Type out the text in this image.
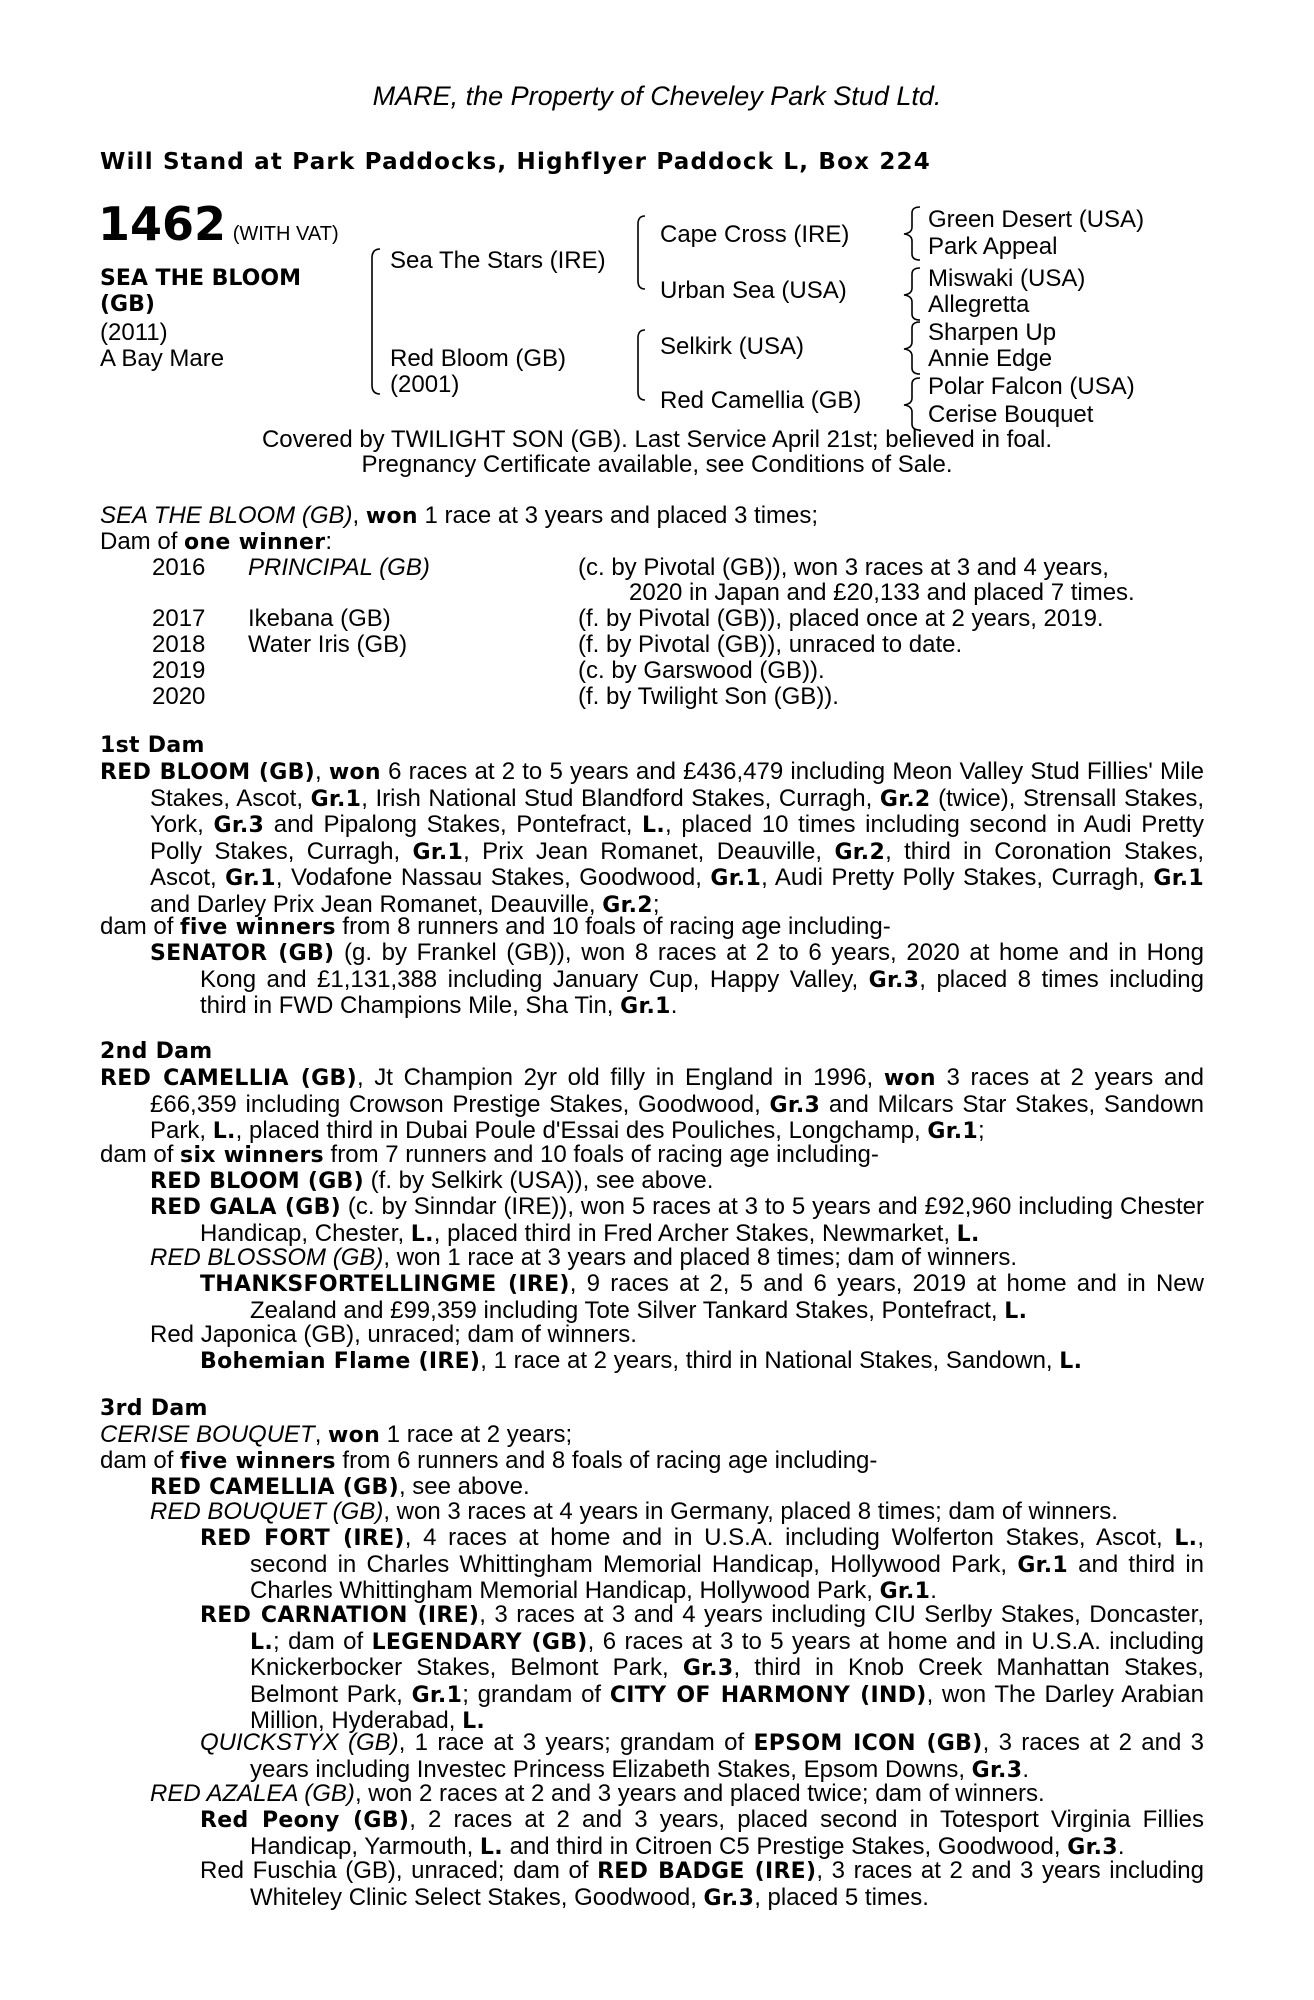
MARE, the Property of Cheveley Park Stud Ltd.
Will Stand at Park Paddocks, Highflyer Paddock L, Box 224
1462 (WITH VAT)
SEA THE BLOOM
(GB)
(2011)
A Bay Mare
Sea The Stars (IRE)
Red Bloom (GB)
(2001)
Cape Cross (IRE)
Urban Sea (USA)
Selkirk (USA)
Red Camellia (GB)
Green Desert (USA)
Park Appeal
Miswaki (USA)
Allegretta
Sharpen Up
Annie Edge
Polar Falcon (USA)
Cerise Bouquet
Covered by TWILIGHT SON (GB). Last Service April 21st; believed in foal.
Pregnancy Certificate available, see Conditions of Sale.
SEA THE BLOOM (GB), won 1 race at 3 years and placed 3 times;
Dam of one winner:
2016 PRINCIPAL (GB)	(c. by Pivotal (GB)), won 3 races at 3 and 4 years,
2020 in Japan and £20,133 and placed 7 times.
2017 Ikebana (GB)	(f. by Pivotal (GB)), placed once at 2 years, 2019.
2018 Water Iris (GB)	(f. by Pivotal (GB)), unraced to date.
2019	(c. by Garswood (GB)).
2020	(f. by Twilight Son (GB)).
1st Dam
RED BLOOM (GB), won 6 races at 2 to 5 years and £436,479 including Meon Valley Stud Fillies' Mile Stakes, Ascot, Gr.1, Irish National Stud Blandford Stakes, Curragh, Gr.2 (twice), Strensall Stakes, York, Gr.3 and Pipalong Stakes, Pontefract, L., placed 10 times including second in Audi Pretty Polly Stakes, Curragh, Gr.1, Prix Jean Romanet, Deauville, Gr.2, third in Coronation Stakes, Ascot, Gr.1, Vodafone Nassau Stakes, Goodwood, Gr.1, Audi Pretty Polly Stakes, Curragh, Gr.1 and Darley Prix Jean Romanet, Deauville, Gr.2;
dam of five winners from 8 runners and 10 foals of racing age including-
SENATOR (GB) (g. by Frankel (GB)), won 8 races at 2 to 6 years, 2020 at home and in Hong Kong and £1,131,388 including January Cup, Happy Valley, Gr.3, placed 8 times including third in FWD Champions Mile, Sha Tin, Gr.1.
2nd Dam
RED CAMELLIA (GB), Jt Champion 2yr old filly in England in 1996, won 3 races at 2 years and £66,359 including Crowson Prestige Stakes, Goodwood, Gr.3 and Milcars Star Stakes, Sandown Park, L., placed third in Dubai Poule d'Essai des Pouliches, Longchamp, Gr.1;
dam of six winners from 7 runners and 10 foals of racing age including-
RED BLOOM (GB) (f. by Selkirk (USA)), see above.
RED GALA (GB) (c. by Sinndar (IRE)), won 5 races at 3 to 5 years and £92,960 including Chester Handicap, Chester, L., placed third in Fred Archer Stakes, Newmarket, L.
RED BLOSSOM (GB), won 1 race at 3 years and placed 8 times; dam of winners.
THANKSFORTELLINGME (IRE), 9 races at 2, 5 and 6 years, 2019 at home and in New Zealand and £99,359 including Tote Silver Tankard Stakes, Pontefract, L.
Red Japonica (GB), unraced; dam of winners.
Bohemian Flame (IRE), 1 race at 2 years, third in National Stakes, Sandown, L.
3rd Dam
CERISE BOUQUET, won 1 race at 2 years;
dam of five winners from 6 runners and 8 foals of racing age including-
RED CAMELLIA (GB), see above.
RED BOUQUET (GB), won 3 races at 4 years in Germany, placed 8 times; dam of winners.
RED FORT (IRE), 4 races at home and in U.S.A. including Wolferton Stakes, Ascot, L., second in Charles Whittingham Memorial Handicap, Hollywood Park, Gr.1 and third in Charles Whittingham Memorial Handicap, Hollywood Park, Gr.1.
RED CARNATION (IRE), 3 races at 3 and 4 years including CIU Serlby Stakes, Doncaster, L.; dam of LEGENDARY (GB), 6 races at 3 to 5 years at home and in U.S.A. including Knickerbocker Stakes, Belmont Park, Gr.3, third in Knob Creek Manhattan Stakes, Belmont Park, Gr.1; grandam of CITY OF HARMONY (IND), won The Darley Arabian Million, Hyderabad, L.
QUICKSTYX (GB), 1 race at 3 years; grandam of EPSOM ICON (GB), 3 races at 2 and 3 years including Investec Princess Elizabeth Stakes, Epsom Downs, Gr.3.
RED AZALEA (GB), won 2 races at 2 and 3 years and placed twice; dam of winners.
Red Peony (GB), 2 races at 2 and 3 years, placed second in Totesport Virginia Fillies Handicap, Yarmouth, L. and third in Citroen C5 Prestige Stakes, Goodwood, Gr.3.
Red Fuschia (GB), unraced; dam of RED BADGE (IRE), 3 races at 2 and 3 years including Whiteley Clinic Select Stakes, Goodwood, Gr.3, placed 5 times.
